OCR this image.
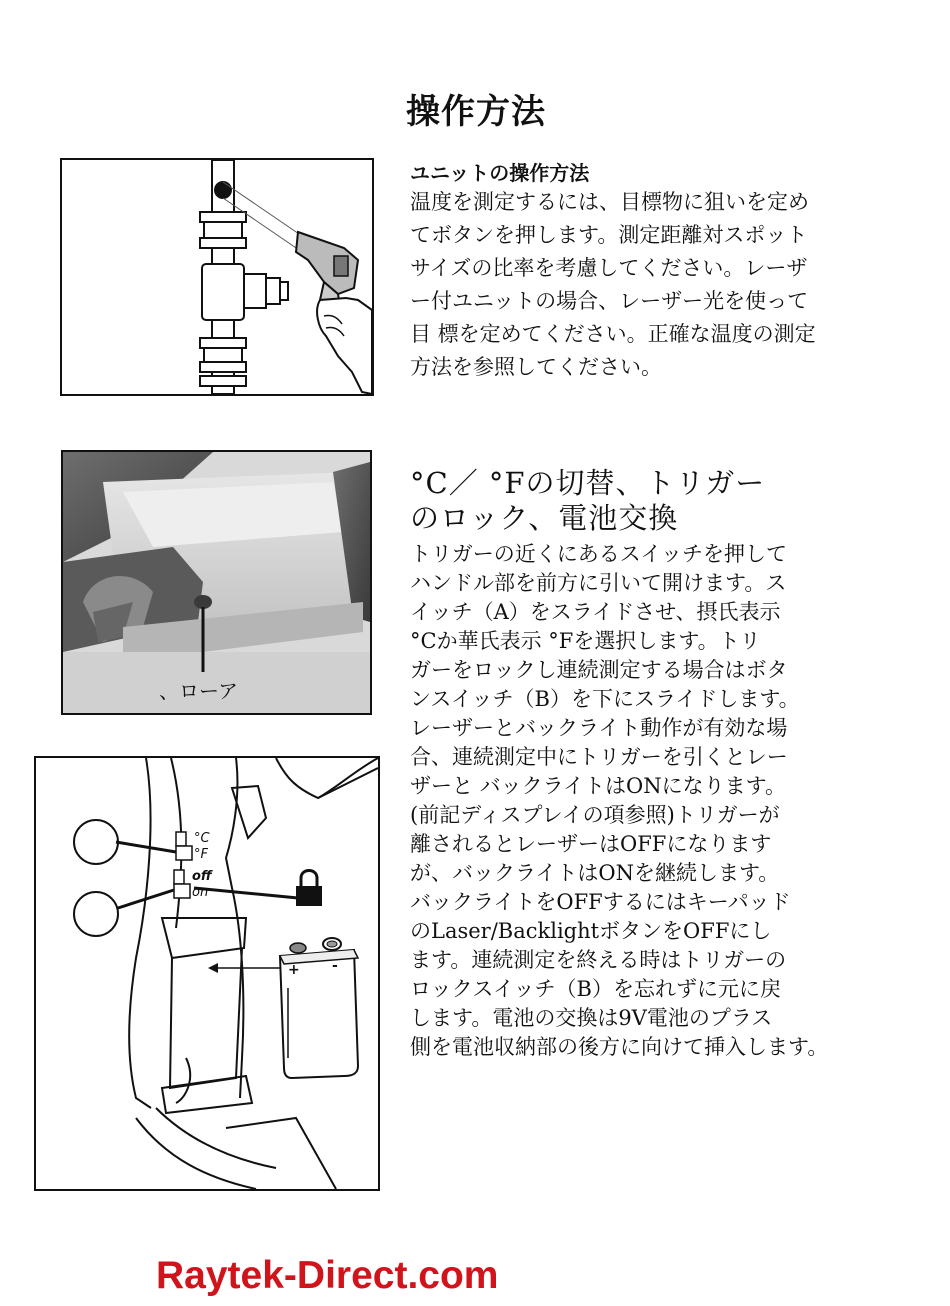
操作方法

ユニットの操作方法

温度を測定するには、目標物に狙いを定め

てボタンを押します。測定距離対スポット

サイズの比率を考慮してください。レーザ

ー付ユニットの場合、レーザー光を使って

目 標を定めてください。正確な温度の測定

方法を参照してください。

、ローア

°C／ °Fの切替、トリガー

のロック、電池交換

トリガーの近くにあるスイッチを押して

ハンドル部を前方に引いて開けます。ス

イッチ（A）をスライドさせ、摂氏表示

°Cか華氏表示 °Fを選択します。トリ

ガーをロックし連続測定する場合はボタ

ンスイッチ（B）を下にスライドします。

レーザーとバックライト動作が有効な場

合、連続測定中にトリガーを引くとレー

ザーと バックライトはONになります。

(前記ディスプレイの項参照)トリガーが

離されるとレーザーはOFFになります

が、バックライトはONを継続します。

バックライトをOFFするにはキーパッド

のLaser/BacklightボタンをOFFにし

ます。連続測定を終える時はトリガーの

ロックスイッチ（B）を忘れずに元に戻

します。電池の交換は9V電池のプラス

側を電池収納部の後方に向けて挿入します。

°C
°F
off
on
+ -

Raytek-Direct.com
